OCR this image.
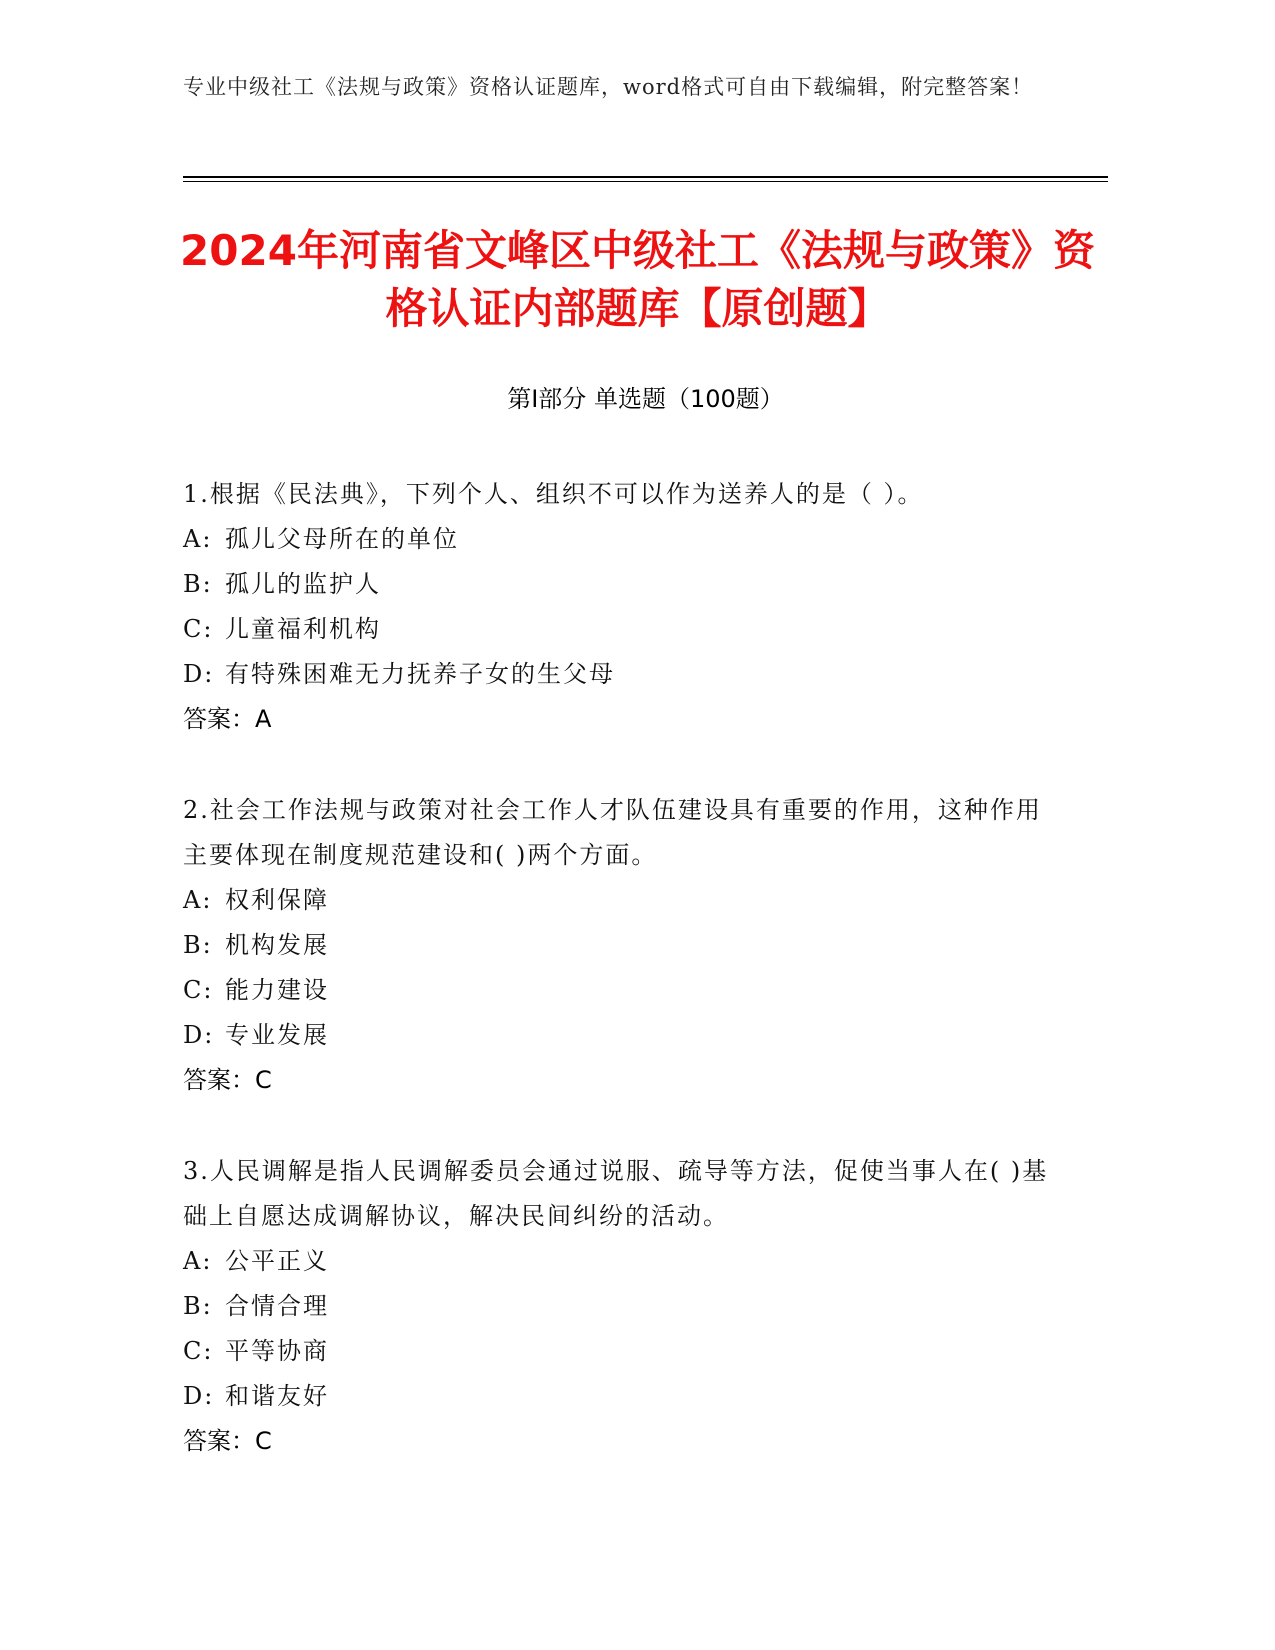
专业中级社工《法规与政策》资格认证题库，word格式可自由下载编辑，附完整答案！
2024年河南省文峰区中级社工《法规与政策》资格认证内部题库【原创题】
第Ⅰ部分 单选题（100题）
1.根据《民法典》，下列个人、组织不可以作为送养人的是（ ）。
A: 孤儿父母所在的单位
B: 孤儿的监护人
C: 儿童福利机构
D: 有特殊困难无力抚养子女的生父母
答案：A
2.社会工作法规与政策对社会工作人才队伍建设具有重要的作用，这种作用主要体现在制度规范建设和( )两个方面。
A: 权利保障
B: 机构发展
C: 能力建设
D: 专业发展
答案：C
3.人民调解是指人民调解委员会通过说服、疏导等方法，促使当事人在( )基础上自愿达成调解协议，解决民间纠纷的活动。
A: 公平正义
B: 合情合理
C: 平等协商
D: 和谐友好
答案：C
